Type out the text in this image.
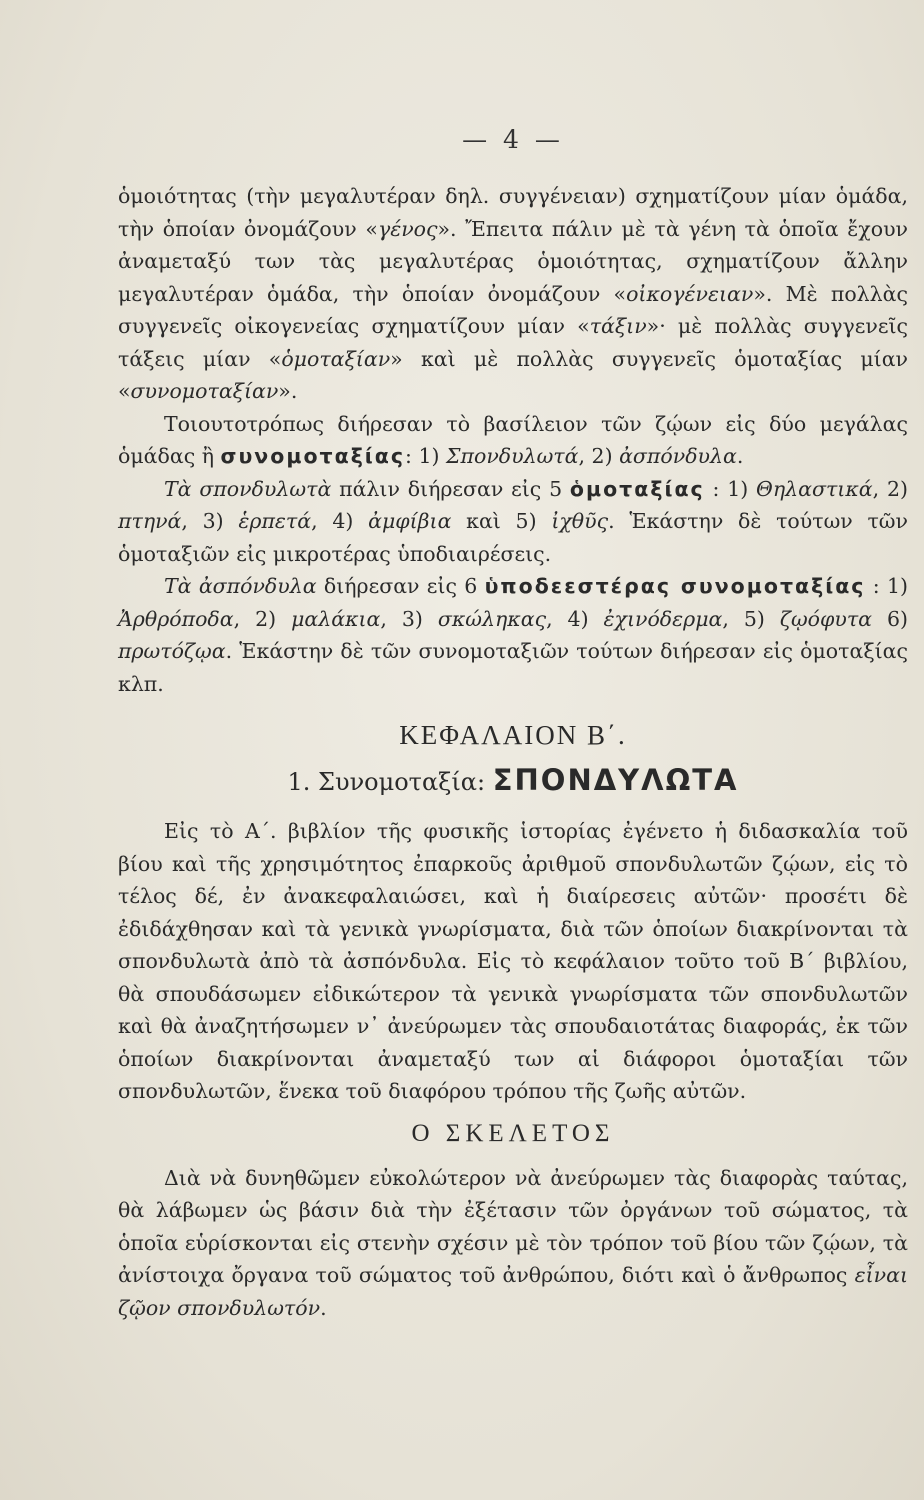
— 4 —

ὁμοιότητας (τὴν μεγαλυτέραν δηλ. συγγένειαν) σχηματίζουν μίαν ὁμάδα, τὴν ὁποίαν ὀνομάζουν «γένος». Ἔπειτα πάλιν μὲ τὰ γένη τὰ ὁποῖα ἔχουν ἀναμεταξύ των τὰς μεγαλυτέρας ὁμοιότητας, σχηματίζουν ἄλλην μεγαλυτέραν ὁμάδα, τὴν ὁποίαν ὀνομάζουν «οἰκογένειαν». Μὲ πολλὰς συγγενεῖς οἰκογενείας σχηματίζουν μίαν «τάξιν»· μὲ πολλὰς συγγενεῖς τάξεις μίαν «ὁμοταξίαν» καὶ μὲ πολλὰς συγγενεῖς ὁμοταξίας μίαν «συνομοταξίαν».

Τοιουτοτρόπως διήρεσαν τὸ βασίλειον τῶν ζῴων εἰς δύο μεγάλας ὁμάδας ἢ συνομοταξίας: 1) Σπονδυλωτά, 2) ἀσπόνδυλα.

Τὰ σπονδυλωτὰ πάλιν διήρεσαν εἰς 5 ὁμοταξίας : 1) Θηλαστικά, 2) πτηνά, 3) ἑρπετά, 4) ἀμφίβια καὶ 5) ἰχθῦς. Ἑκάστην δὲ τούτων τῶν ὁμοταξιῶν εἰς μικροτέρας ὑποδιαιρέσεις.

Τὰ ἀσπόνδυλα διήρεσαν εἰς 6 ὑποδεεστέρας συνομοταξίας : 1) Ἀρθρόποδα, 2) μαλάκια, 3) σκώληκας, 4) ἐχινόδερμα, 5) ζῳόφυτα 6) πρωτόζῳα. Ἑκάστην δὲ τῶν συνομοταξιῶν τούτων διήρεσαν εἰς ὁμοταξίας κλπ.

ΚΕΦΑΛΑΙΟΝ Β΄.
1. Συνομοταξία: ΣΠΟΝΔΥΛΩΤΑ

Εἰς τὸ Α΄. βιβλίον τῆς φυσικῆς ἱστορίας ἐγένετο ἡ διδασκαλία τοῦ βίου καὶ τῆς χρησιμότητος ἐπαρκοῦς ἀριθμοῦ σπονδυλωτῶν ζῴων, εἰς τὸ τέλος δέ, ἐν ἀνακεφαλαιώσει, καὶ ἡ διαίρεσεις αὐτῶν· προσέτι δὲ ἐδιδάχθησαν καὶ τὰ γενικὰ γνωρίσματα, διὰ τῶν ὁποίων διακρίνονται τὰ σπονδυλωτὰ ἀπὸ τὰ ἀσπόνδυλα. Εἰς τὸ κεφάλαιον τοῦτο τοῦ Β΄ βιβλίου, θὰ σπουδάσωμεν εἰδικώτερον τὰ γενικὰ γνωρίσματα τῶν σπονδυλωτῶν καὶ θὰ ἀναζητήσωμεν ν᾿ ἀνεύρωμεν τὰς σπουδαιοτάτας διαφοράς, ἐκ τῶν ὁποίων διακρίνονται ἀναμεταξύ των αἱ διάφοροι ὁμοταξίαι τῶν σπονδυλωτῶν, ἕνεκα τοῦ διαφόρου τρόπου τῆς ζωῆς αὐτῶν.

Ο ΣΚΕΛΕΤΟΣ

Διὰ νὰ δυνηθῶμεν εὐκολώτερον νὰ ἀνεύρωμεν τὰς διαφορὰς ταύτας, θὰ λάβωμεν ὡς βάσιν διὰ τὴν ἐξέτασιν τῶν ὀργάνων τοῦ σώματος, τὰ ὁποῖα εὑρίσκονται εἰς στενὴν σχέσιν μὲ τὸν τρόπον τοῦ βίου τῶν ζῴων, τὰ ἀνίστοιχα ὄργανα τοῦ σώματος τοῦ ἀνθρώπου, διότι καὶ ὁ ἄνθρωπος εἶναι ζῷον σπονδυλωτόν.
